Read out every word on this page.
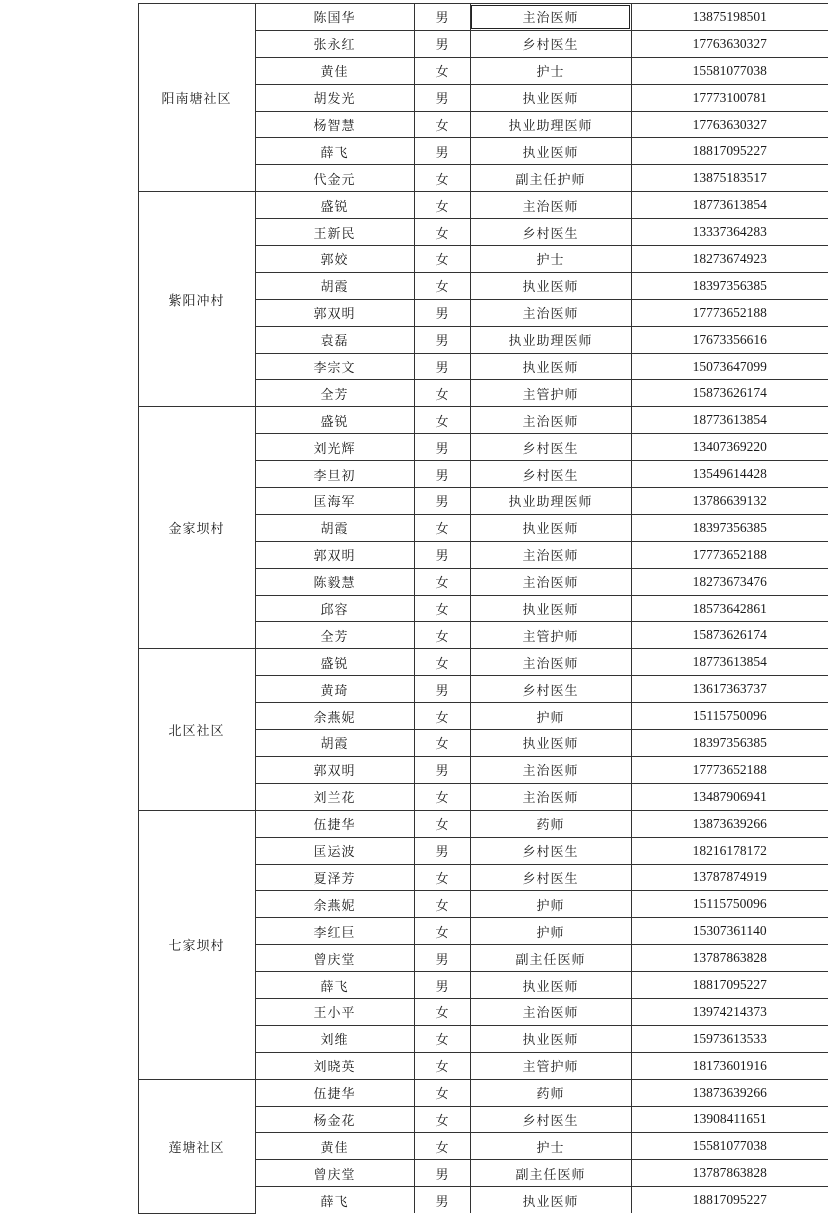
	阳南塘社区	陈国华	男	主治医师	13875198501
		张永红	男	乡村医生	17763630327
		黄佳	女	护士	15581077038
		胡发光	男	执业医师	17773100781
		杨智慧	女	执业助理医师	17763630327
		薛飞	男	执业医师	18817095227
		代金元	女	副主任护师	13875183517
	紫阳冲村	盛锐	女	主治医师	18773613854
		王新民	女	乡村医生	13337364283
		郭姣	女	护士	18273674923
		胡霞	女	执业医师	18397356385
		郭双明	男	主治医师	17773652188
		袁磊	男	执业助理医师	17673356616
		李宗文	男	执业医师	15073647099
		全芳	女	主管护师	15873626174
	金家坝村	盛锐	女	主治医师	18773613854
		刘光辉	男	乡村医生	13407369220
		李旦初	男	乡村医生	13549614428
		匡海军	男	执业助理医师	13786639132
		胡霞	女	执业医师	18397356385
		郭双明	男	主治医师	17773652188
		陈毅慧	女	主治医师	18273673476
		邱容	女	执业医师	18573642861
		全芳	女	主管护师	15873626174
	北区社区	盛锐	女	主治医师	18773613854
		黄琦	男	乡村医生	13617363737
		余燕妮	女	护师	15115750096
		胡霞	女	执业医师	18397356385
		郭双明	男	主治医师	17773652188
		刘兰花	女	主治医师	13487906941
	七家坝村	伍捷华	女	药师	13873639266
		匡运波	男	乡村医生	18216178172
		夏泽芳	女	乡村医生	13787874919
		余燕妮	女	护师	15115750096
		李红巨	女	护师	15307361140
		曾庆堂	男	副主任医师	13787863828
		薛飞	男	执业医师	18817095227
		王小平	女	主治医师	13974214373
		刘维	女	执业医师	15973613533
		刘晓英	女	主管护师	18173601916
	莲塘社区	伍捷华	女	药师	13873639266
		杨金花	女	乡村医生	13908411651
		黄佳	女	护士	15581077038
		曾庆堂	男	副主任医师	13787863828
		薛飞	男	执业医师	18817095227
